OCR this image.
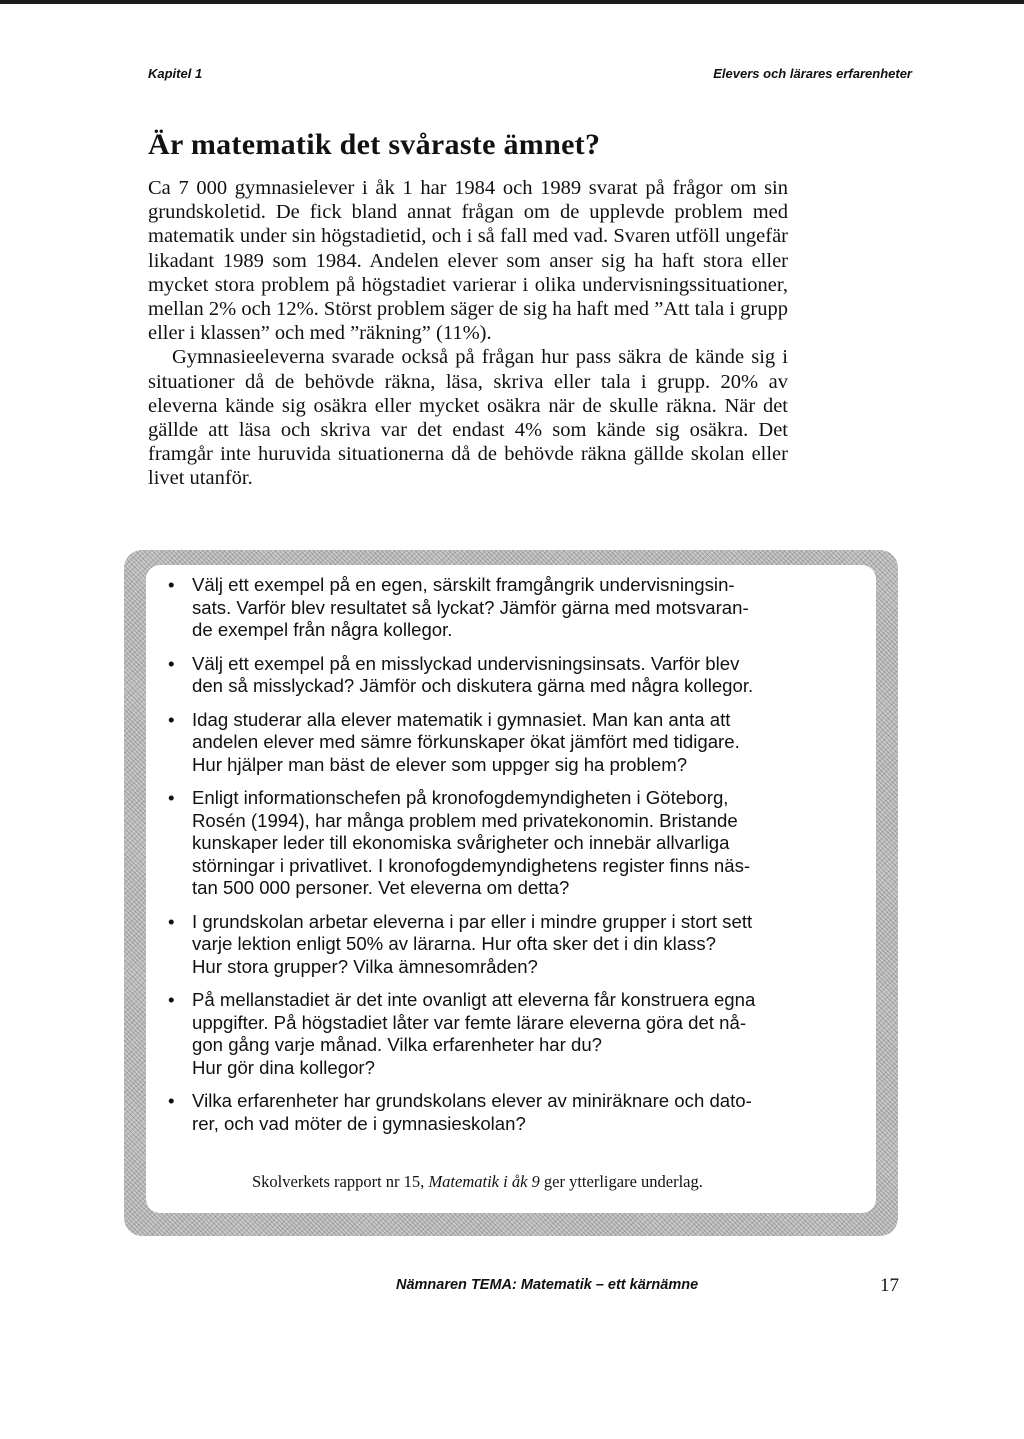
Kapitel 1	Elevers och lärares erfarenheter
Är matematik det svåraste ämnet?

Ca 7 000 gymnasielever i åk 1 har 1984 och 1989 svarat på frågor om sin grundskoletid. De fick bland annat frågan om de upplevde problem med matematik under sin högstadietid, och i så fall med vad. Svaren utföll ungefär likadant 1989 som 1984. Andelen elever som anser sig ha haft stora eller mycket stora problem på högstadiet varierar i olika undervisningssituationer, mellan 2% och 12%. Störst problem säger de sig ha haft med ”Att tala i grupp eller i klassen” och med ”räkning” (11%).

Gymnasieeleverna svarade också på frågan hur pass säkra de kände sig i situationer då de behövde räkna, läsa, skriva eller tala i grupp. 20% av eleverna kände sig osäkra eller mycket osäkra när de skulle räkna. När det gällde att läsa och skriva var det endast 4% som kände sig osäkra. Det framgår inte huruvida situationerna då de behövde räkna gällde skolan eller livet utanför.

• Välj ett exempel på en egen, särskilt framgångrik undervisningsin-
sats. Varför blev resultatet så lyckat? Jämför gärna med motsvaran-
de exempel från några kollegor.
• Välj ett exempel på en misslyckad undervisningsinsats. Varför blev
den så misslyckad? Jämför och diskutera gärna med några kollegor.
• Idag studerar alla elever matematik i gymnasiet. Man kan anta att
andelen elever med sämre förkunskaper ökat jämfört med tidigare.
Hur hjälper man bäst de elever som uppger sig ha problem?
• Enligt informationschefen på kronofogdemyndigheten i Göteborg,
Rosén (1994), har många problem med privatekonomin. Bristande
kunskaper leder till ekonomiska svårigheter och innebär allvarliga
störningar i privatlivet. I kronofogdemyndighetens register finns näs-
tan 500 000 personer. Vet eleverna om detta?
• I grundskolan arbetar eleverna i par eller i mindre grupper i stort sett
varje lektion enligt 50% av lärarna. Hur ofta sker det i din klass?
Hur stora grupper? Vilka ämnesområden?
• På mellanstadiet är det inte ovanligt att eleverna får konstruera egna
uppgifter. På högstadiet låter var femte lärare eleverna göra det nå-
gon gång varje månad. Vilka erfarenheter har du?
Hur gör dina kollegor?
• Vilka erfarenheter har grundskolans elever av miniräknare och dato-
rer, och vad möter de i gymnasieskolan?
Skolverkets rapport nr 15, Matematik i åk 9 ger ytterligare underlag.
Nämnaren TEMA: Matematik – ett kärnämne	17
